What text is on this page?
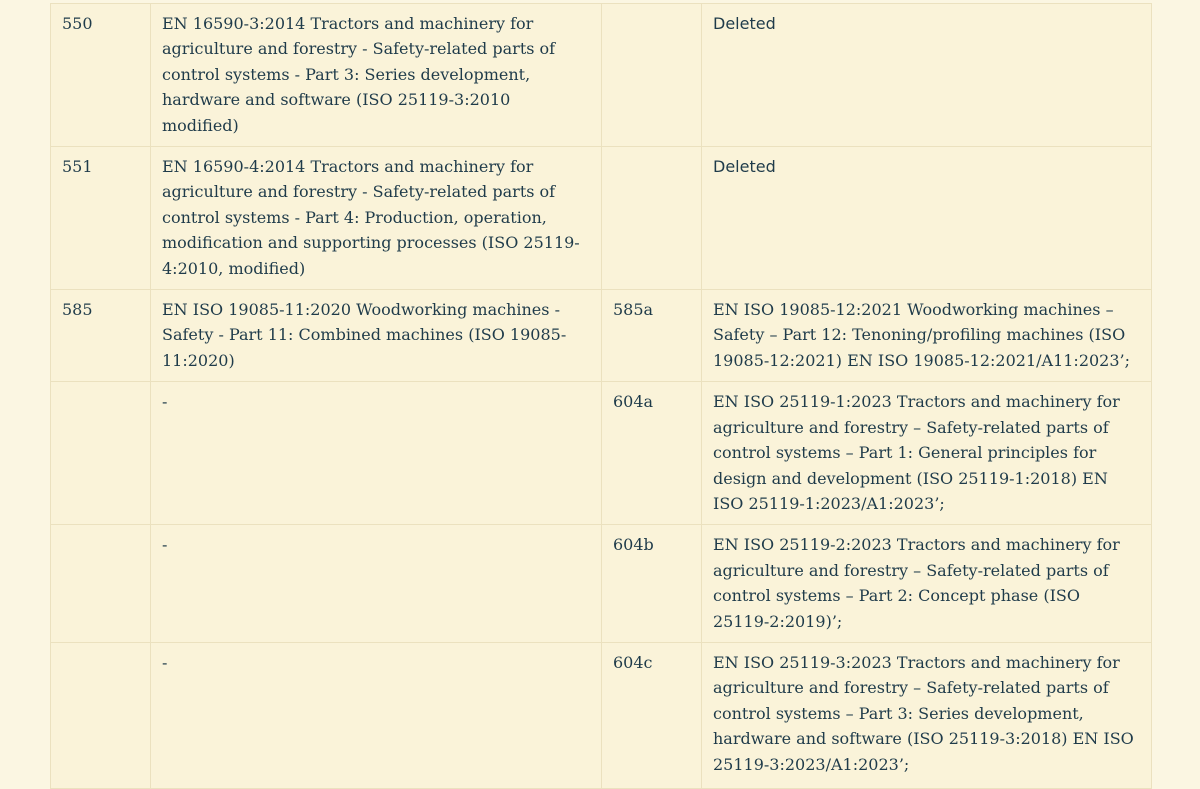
550	EN 16590-3:2014 Tractors and machinery for agriculture and forestry - Safety-related parts of control systems - Part 3: Series development, hardware and software (ISO 25119-3:2010 modified)		Deleted
551	EN 16590-4:2014 Tractors and machinery for agriculture and forestry - Safety-related parts of control systems - Part 4: Production, operation, modification and supporting processes (ISO 25119-4:2010, modified)		Deleted
585	EN ISO 19085-11:2020 Woodworking machines - Safety - Part 11: Combined machines (ISO 19085-11:2020)	585a	EN ISO 19085-12:2021 Woodworking machines – Safety – Part 12: Tenoning/profiling machines (ISO 19085-12:2021) EN ISO 19085-12:2021/A11:2023’;
	-	604a	EN ISO 25119-1:2023 Tractors and machinery for agriculture and forestry – Safety-related parts of control systems – Part 1: General principles for design and development (ISO 25119-1:2018) EN ISO 25119-1:2023/A1:2023’;
	-	604b	EN ISO 25119-2:2023 Tractors and machinery for agriculture and forestry – Safety-related parts of control systems – Part 2: Concept phase (ISO 25119-2:2019)’;
	-	604c	EN ISO 25119-3:2023 Tractors and machinery for agriculture and forestry – Safety-related parts of control systems – Part 3: Series development, hardware and software (ISO 25119-3:2018) EN ISO 25119-3:2023/A1:2023’;
